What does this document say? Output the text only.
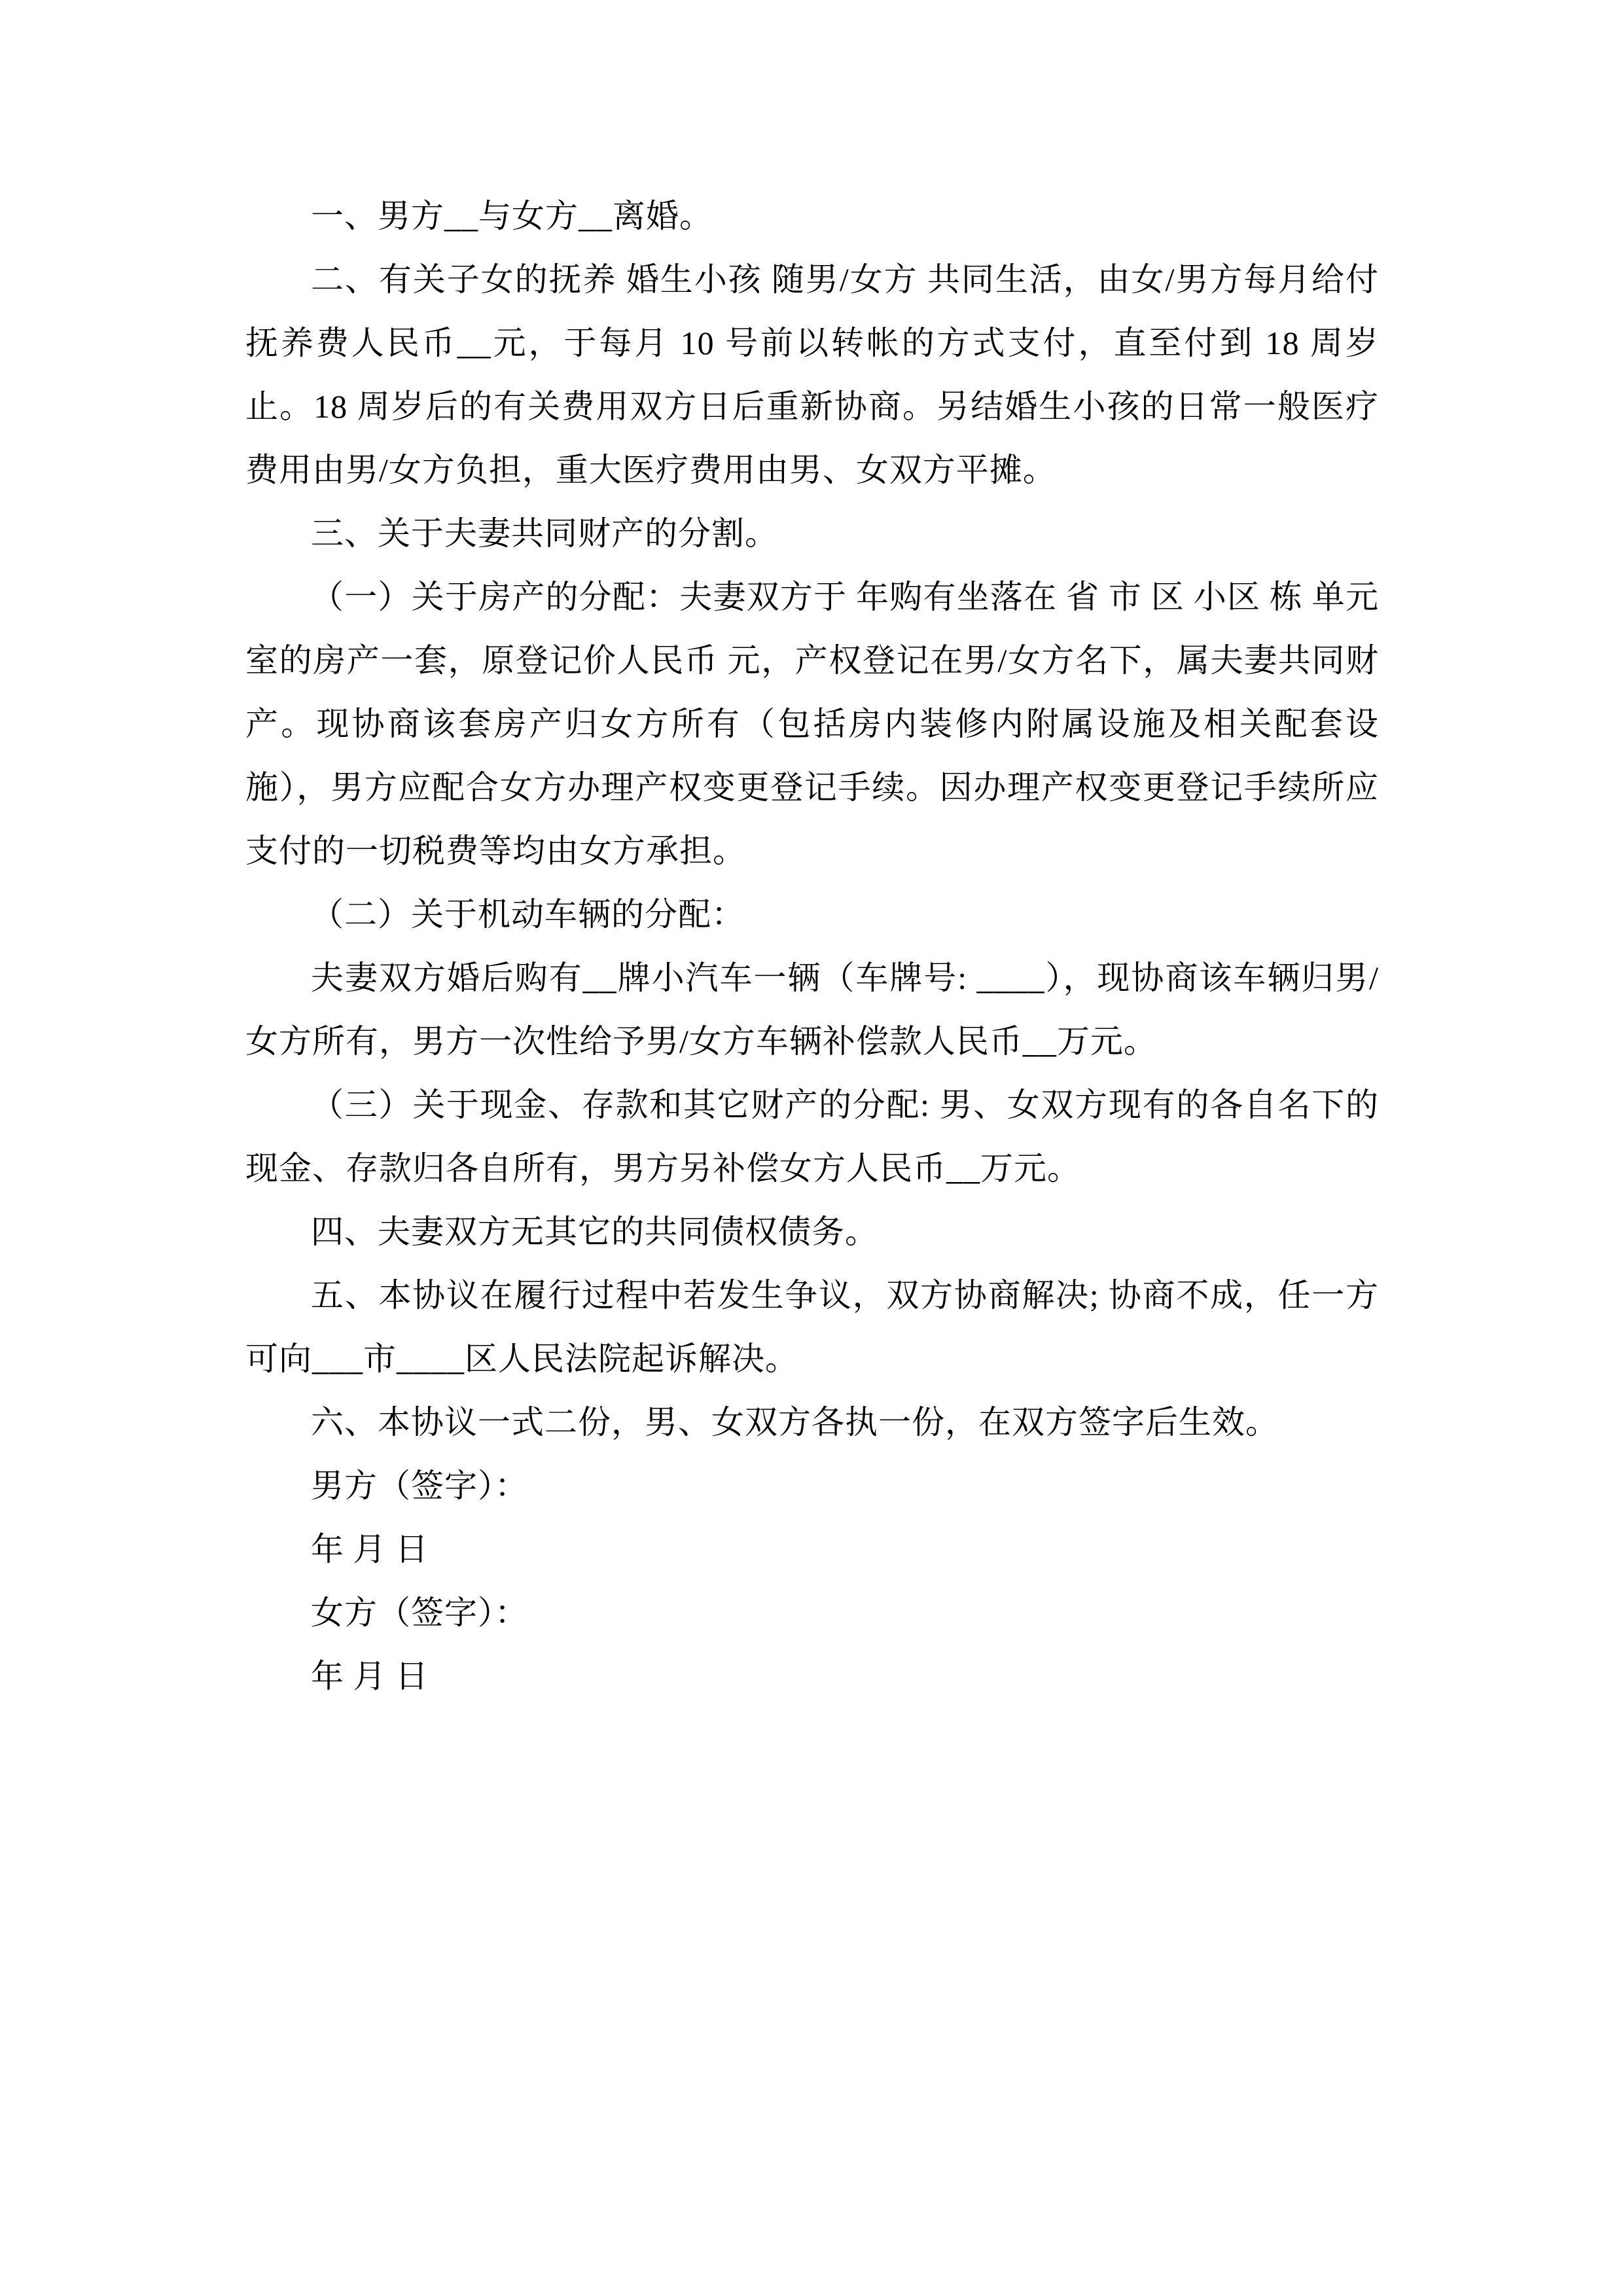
一、男方__与女方__离婚。

二、有关子女的抚养 婚生小孩 随男/女方 共同生活，由女/男方每月给付抚养费人民币__元，于每月 10 号前以转帐的方式支付，直至付到 18 周岁止。18 周岁后的有关费用双方日后重新协商。另结婚生小孩的日常一般医疗费用由男/女方负担，重大医疗费用由男、女双方平摊。

三、关于夫妻共同财产的分割。

（一）关于房产的分配：夫妻双方于 年购有坐落在 省 市 区 小区 栋 单元室的房产一套，原登记价人民币 元，产权登记在男/女方名下，属夫妻共同财产。现协商该套房产归女方所有（包括房内装修内附属设施及相关配套设施），男方应配合女方办理产权变更登记手续。因办理产权变更登记手续所应支付的一切税费等均由女方承担。

（二）关于机动车辆的分配：

夫妻双方婚后购有__牌小汽车一辆（车牌号: ____），现协商该车辆归男/女方所有，男方一次性给予男/女方车辆补偿款人民币__万元。

（三）关于现金、存款和其它财产的分配: 男、女双方现有的各自名下的现金、存款归各自所有，男方另补偿女方人民币__万元。

四、夫妻双方无其它的共同债权债务。

五、本协议在履行过程中若发生争议，双方协商解决; 协商不成，任一方可向___市____区人民法院起诉解决。

六、本协议一式二份，男、女双方各执一份，在双方签字后生效。

男方（签字）：

年 月 日

女方（签字）：

年 月 日
